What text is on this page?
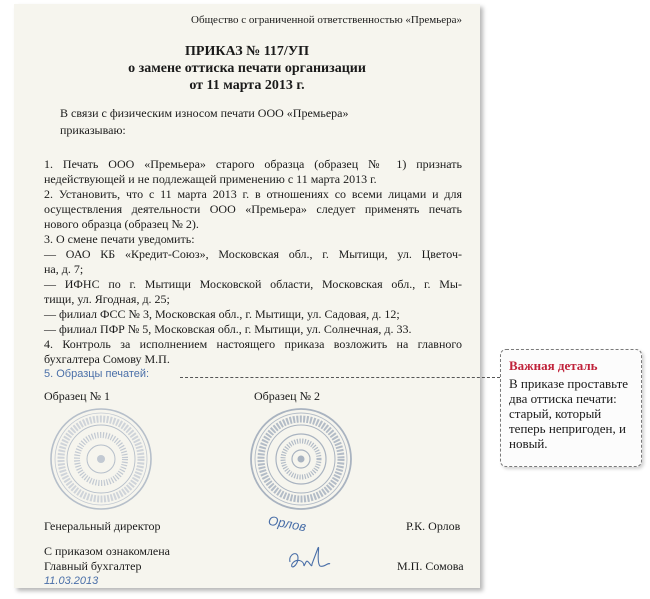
Общество с ограниченной ответственностью «Премьера»
ПРИКАЗ № 117/УП
о замене оттиска печати организации
от 11 марта 2013 г.
В связи с физическим износом печати ООО «Премьера»
приказываю:
1. Печать ООО «Премьера» старого образца (образец № 1) признать
недействующей и не подлежащей применению с 11 марта 2013 г.
2. Установить, что с 11 марта 2013 г. в отношениях со всеми лицами и для
осуществления деятельности ООО «Премьера» следует применять печать
нового образца (образец № 2).
3. О смене печати уведомить:
— ОАО КБ «Кредит-Союз», Московская обл., г. Мытищи, ул. Цветоч-
на, д. 7;
— ИФНС по г. Мытищи Московской области, Московская обл., г. Мы-
тищи, ул. Ягодная, д. 25;
— филиал ФСС № 3, Московская обл., г. Мытищи, ул. Садовая, д. 12;
— филиал ПФР № 5, Московская обл., г. Мытищи, ул. Солнечная, д. 33.
4. Контроль за исполнением настоящего приказа возложить на главного
бухгалтера Сомову М.П.
5. Образцы печатей:
Образец № 1	Образец № 2
Генеральный директор	Орлов	Р.К. Орлов
С приказом ознакомлена
Главный бухгалтер	М.П. Сомова
11.03.2013
Важная деталь
В приказе проставьте два оттиска печати: старый, который теперь непригоден, и новый.
